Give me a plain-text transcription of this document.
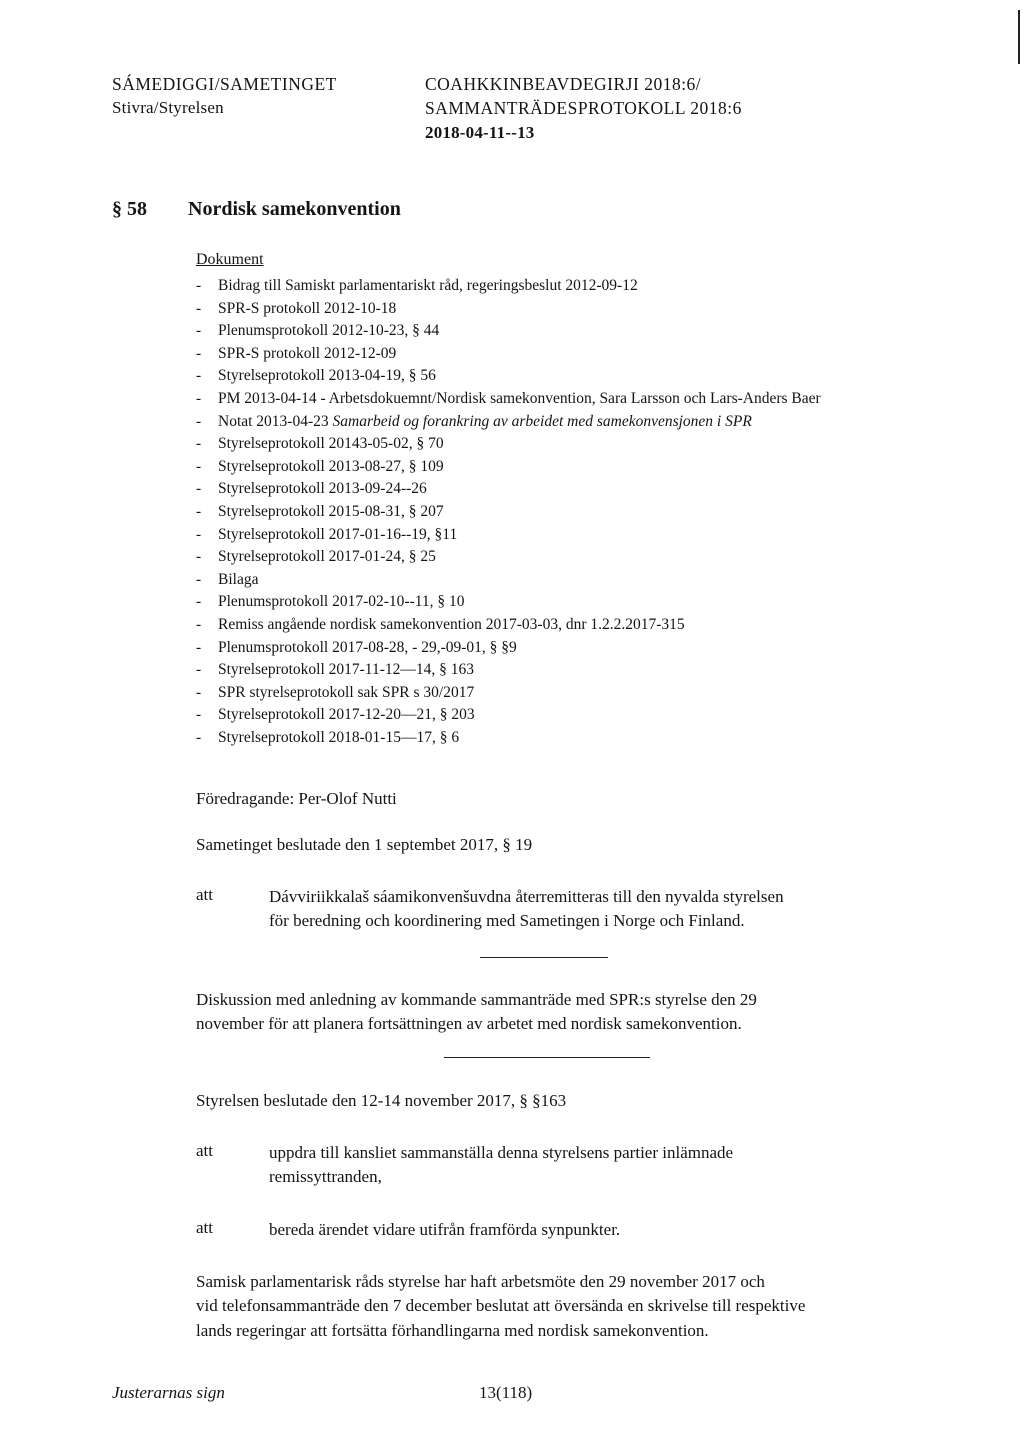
SÁMEDIGGI/SAMETINGET
Stivra/Styrelsen
COAHKKINBEAVDEGIRJI 2018:6/
SAMMANTRÄDESPROTOKOLL 2018:6
2018-04-11--13
§ 58 Nordisk samekonvention
Dokument
- Bidrag till Samiskt parlamentariskt råd, regeringsbeslut 2012-09-12
- SPR-S protokoll 2012-10-18
- Plenumsprotokoll 2012-10-23, § 44
- SPR-S protokoll 2012-12-09
- Styrelseprotokoll 2013-04-19, § 56
- PM 2013-04-14 - Arbetsdokuemnt/Nordisk samekonvention, Sara Larsson och Lars-Anders Baer
- Notat 2013-04-23 Samarbeid og forankring av arbeidet med samekonvensjonen i SPR
- Styrelseprotokoll 20143-05-02, § 70
- Styrelseprotokoll 2013-08-27, § 109
- Styrelseprotokoll 2013-09-24--26
- Styrelseprotokoll 2015-08-31, § 207
- Styrelseprotokoll 2017-01-16--19, §11
- Styrelseprotokoll 2017-01-24, § 25
- Bilaga
- Plenumsprotokoll 2017-02-10--11, § 10
- Remiss angående nordisk samekonvention 2017-03-03, dnr 1.2.2.2017-315
- Plenumsprotokoll 2017-08-28, - 29,-09-01, § §9
- Styrelseprotokoll 2017-11-12—14, § 163
- SPR styrelseprotokoll sak SPR s 30/2017
- Styrelseprotokoll 2017-12-20—21, § 203
- Styrelseprotokoll 2018-01-15—17, § 6
Föredragande: Per-Olof Nutti
Sametinget beslutade den 1 septembet 2017, § 19
att	Dávviriikkalaš sáamikonvenšuvdna återremitteras till den nyvalda styrelsen
för beredning och koordinering med Sametingen i Norge och Finland.
Diskussion med anledning av kommande sammanträde med SPR:s styrelse den 29
november för att planera fortsättningen av arbetet med nordisk samekonvention.
Styrelsen beslutade den 12-14 november 2017, § §163
att	uppdra till kansliet sammanställa denna styrelsens partier inlämnade
remissyttranden,
att	bereda ärendet vidare utifrån framförda synpunkter.
Samisk parlamentarisk råds styrelse har haft arbetsmöte den 29 november 2017 och
vid telefonsammanträde den 7 december beslutat att översända en skrivelse till respektive
lands regeringar att fortsätta förhandlingarna med nordisk samekonvention.
Justerarnas sign	13(118)
